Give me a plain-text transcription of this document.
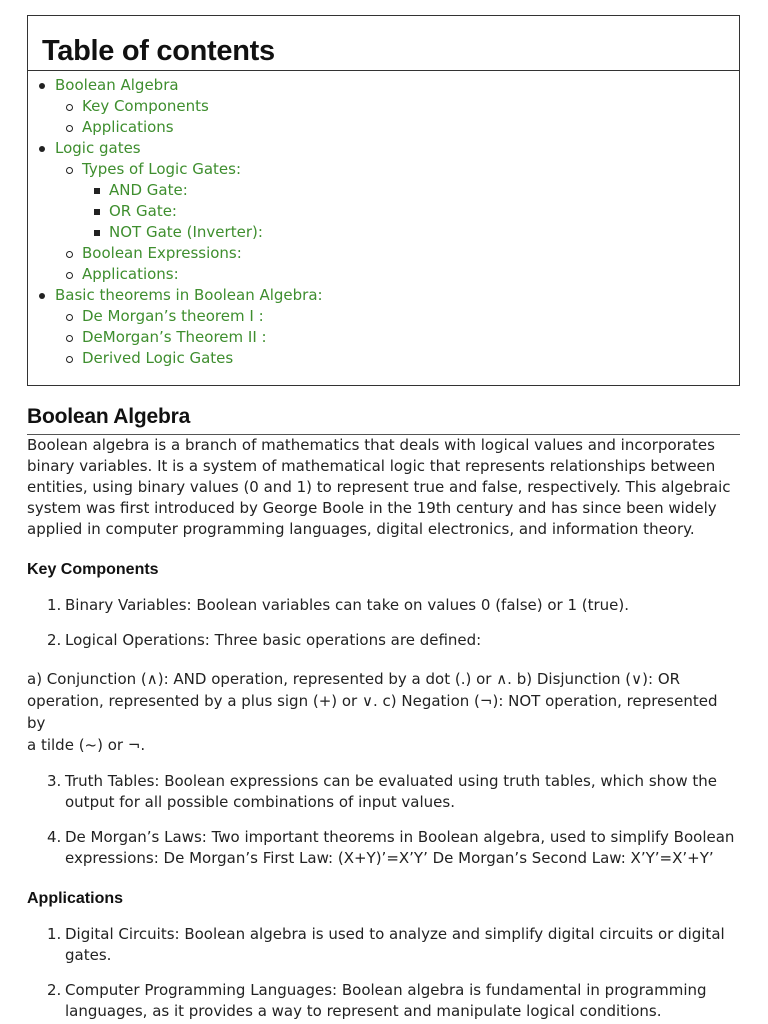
Table of contents
Boolean Algebra
Key Components
Applications
Logic gates
Types of Logic Gates:
AND Gate:
OR Gate:
NOT Gate (Inverter):
Boolean Expressions:
Applications:
Basic theorems in Boolean Algebra:
De Morgan’s theorem I :
DeMorgan’s Theorem II :
Derived Logic Gates
Boolean Algebra

Boolean algebra is a branch of mathematics that deals with logical values and incorporates
binary variables. It is a system of mathematical logic that represents relationships between
entities, using binary values (0 and 1) to represent true and false, respectively. This algebraic
system was first introduced by George Boole in the 19th century and has since been widely
applied in computer programming languages, digital electronics, and information theory.

Key Components
1. Binary Variables: Boolean variables can take on values 0 (false) or 1 (true).
2. Logical Operations: Three basic operations are defined:

a) Conjunction (∧): AND operation, represented by a dot (.) or ∧. b) Disjunction (∨): OR
operation, represented by a plus sign (+) or ∨. c) Negation (¬): NOT operation, represented by
a tilde (~) or ¬.

3. Truth Tables: Boolean expressions can be evaluated using truth tables, which show the
output for all possible combinations of input values.
4. De Morgan’s Laws: Two important theorems in Boolean algebra, used to simplify Boolean
expressions: De Morgan’s First Law: (X+Y)’=X’Y’ De Morgan’s Second Law: X’Y’=X’+Y’
Applications
1. Digital Circuits: Boolean algebra is used to analyze and simplify digital circuits or digital
gates.
2. Computer Programming Languages: Boolean algebra is fundamental in programming
languages, as it provides a way to represent and manipulate logical conditions.
